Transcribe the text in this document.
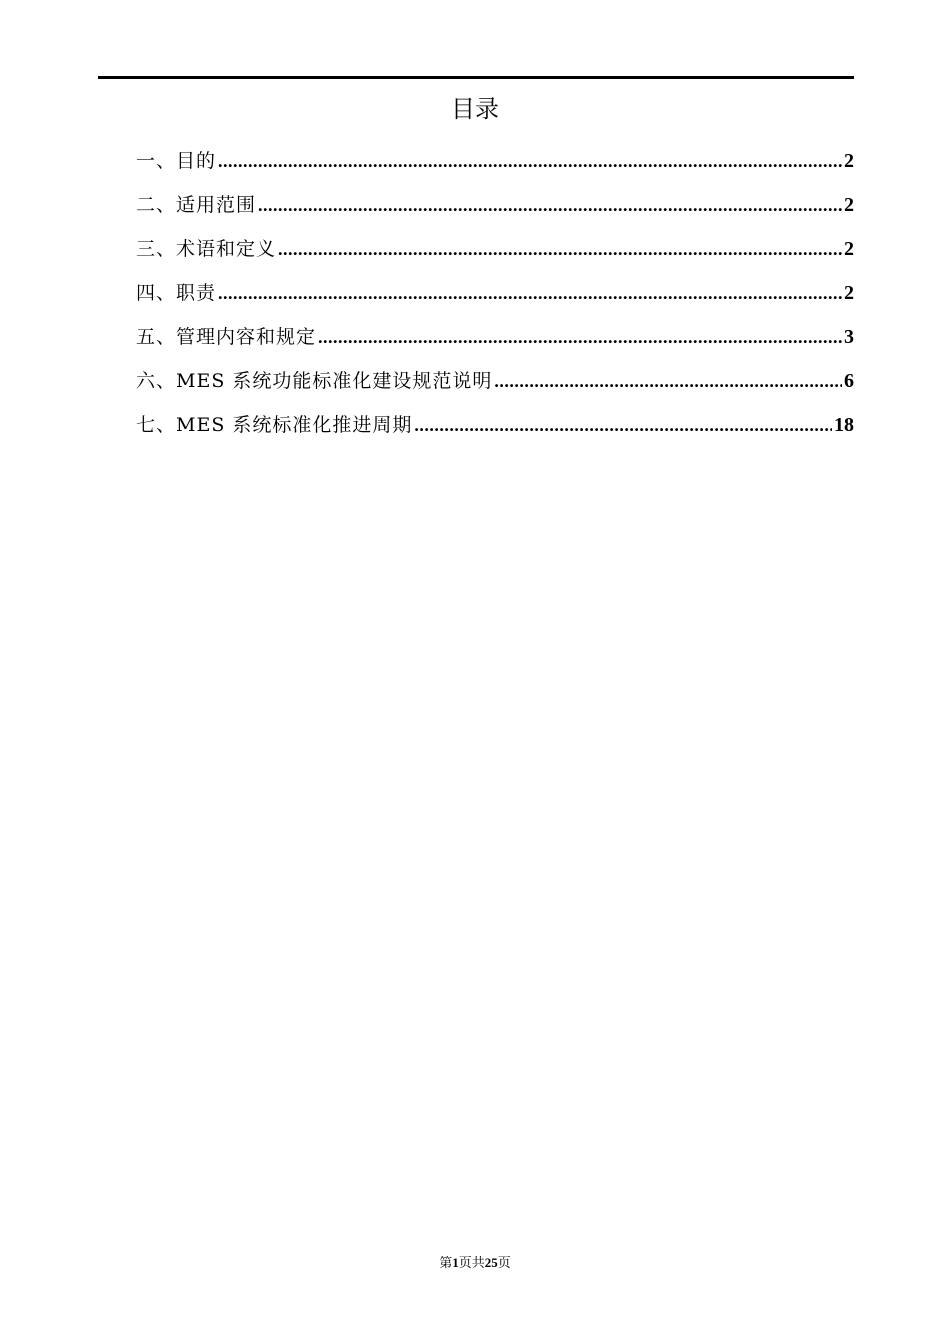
目录
一、目的 .....	2
二、适用范围 .....	2
三、术语和定义 .....	2
四、职责 .....	2
五、管理内容和规定 .....	3
六、MES 系统功能标准化建设规范说明 .....	6
七、MES 系统标准化推进周期 .....	18
第1页共25页
